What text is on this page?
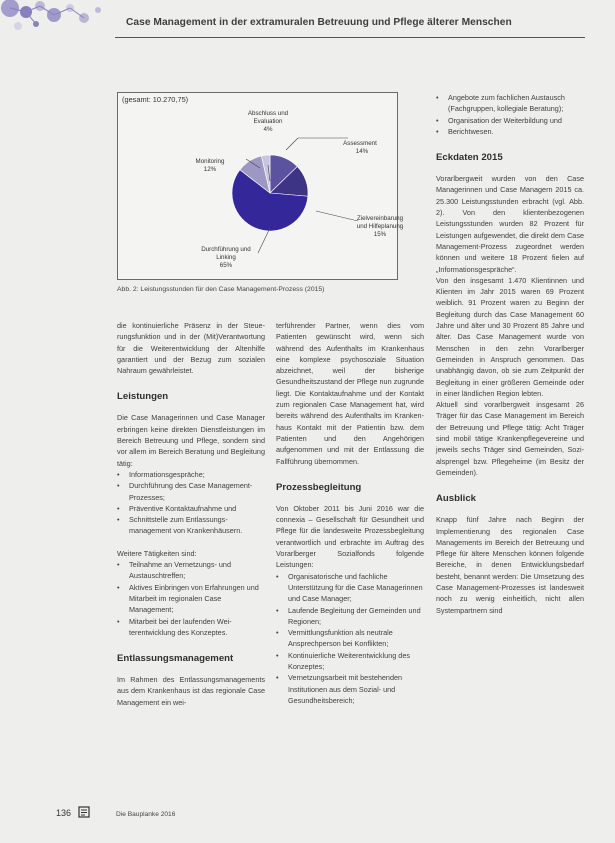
Case Management in der extramuralen Betreuung und Pflege älterer Menschen
(gesamt: 10.270,75)
Abschluss und
Evaluation
4%
Assessment
14%
Monitoring
12%
Zielvereinbarung
und Hilfeplanung
15%
Durchführung und
Linking
65%
Abb. 2: Leistungsstunden für den Case Management-Prozess (2015)

die kontinuierliche Präsenz in der Steuerungsfunktion und in der (Mit)Verantwortung für die Weiterentwicklung der Altenhilfe garantiert und der Bezug zum sozialen Nahraum gewährleistet.

Leistungen

Die Case Managerinnen und Case Manager erbringen keine direkten Dienstleistungen im Bereich Betreuung und Pflege, sondern sind vor allem im Bereich Beratung und Begleitung tätig:

• Informationsgespräche;
• Durchführung des Case Management-Prozesses;
• Präventive Kontaktaufnahme und
• Schnittstelle zum Entlassungsmanagement von Krankenhäusern.

Weitere Tätigkeiten sind:

• Teilnahme an Vernetzungs- und Austauschtreffen;
• Aktives Einbringen von Erfahrungen und Mitarbeit im regionalen Case Management;
• Mitarbeit bei der laufenden Weiterentwicklung des Konzeptes.
Entlassungsmanagement

Im Rahmen des Entlassungsmanagements aus dem Krankenhaus ist das regionale Case Management ein wei-

terführender Partner, wenn dies vom Patienten gewünscht wird, wenn sich während des Aufenthalts im Krankenhaus eine komplexe psychosoziale Situation abzeichnet, weil der bisherige Gesundheitszustand der Pflege nun zugrunde liegt. Die Kontaktaufnahme und der Kontakt zum regionalen Case Management hat, wird bereits während des Aufenthalts im Krankenhaus Kontakt mit der Patientin bzw. dem Patienten und den Angehörigen aufgenommen und mit der Entlassung die Fallführung übernommen.

Prozessbegleitung

Von Oktober 2011 bis Juni 2016 war die connexia – Gesellschaft für Gesundheit und Pflege für die landesweite Prozessbegleitung verantwortlich und erbrachte im Auftrag des Vorarlberger Sozialfonds folgende Leistungen:

• Organisatorische und fachliche Unterstützung für die Case Managerinnen und Case Manager;
• Laufende Begleitung der Gemeinden und Regionen;
• Vermittlungsfunktion als neutrale Ansprechperson bei Konflikten;
• Kontinuierliche Weiterentwicklung des Konzeptes;
• Vernetzungsarbeit mit bestehenden Institutionen aus dem Sozial- und Gesundheitsbereich;
• Angebote zum fachlichen Austausch (Fachgruppen, kollegiale Beratung);
• Organisation der Weiterbildung und
• Berichtwesen.
Eckdaten 2015

Vorarlbergweit wurden von den Case Managerinnen und Case Managern 2015 ca. 25.300 Leistungsstunden erbracht (vgl. Abb. 2). Von den klientenbezogenen Leistungsstunden wurden 82 Prozent für Leistungen aufgewendet, die direkt dem Case Management-Prozess zugeordnet werden können und weitere 18 Prozent fielen auf „Informationsgespräche“.

Von den insgesamt 1.470 Klientinnen und Klienten im Jahr 2015 waren 69 Prozent weiblich. 91 Prozent waren zu Beginn der Begleitung durch das Case Management 60 Jahre und älter und 30 Prozent 85 Jahre und älter. Das Case Management wurde von Menschen in den zehn Vorarlberger Gemeinden in Anspruch genommen. Das unabhängig davon, ob sie zum Zeitpunkt der Begleitung in einer größeren Gemeinde oder in einer ländlichen Region lebten.

Aktuell sind vorarlbergweit insgesamt 26 Träger für das Case Management im Bereich der Betreuung und Pflege tätig: Acht Träger sind mobil tätige Krankenpflegevereine und jeweils sechs Träger sind Gemeinden, Sozialsprengel bzw. Pflegeheime (im Besitz der Gemeinden).

Ausblick

Knapp fünf Jahre nach Beginn der Implementierung des regionalen Case Managements im Bereich der Betreuung und Pflege für ältere Menschen können folgende Bereiche, in denen Entwicklungsbedarf besteht, benannt werden: Die Umsetzung des Case Management-Prozesses ist landesweit noch zu wenig einheitlich, nicht allen Systempartnern sind

136	Die Bauplanke 2016
